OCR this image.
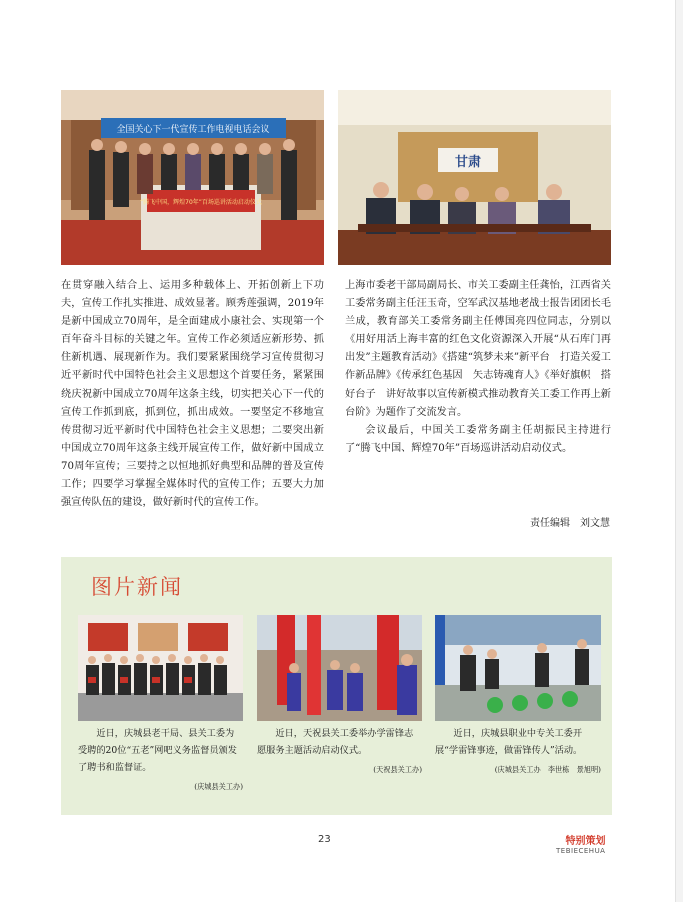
全国关心下一代宣传工作电视电话会议
“腾飞中国，辉煌70年”百场巡讲活动启动仪式
甘肃

在贯穿融入结合上、运用多种载体上、开拓创新上下功夫，宣传工作扎实推进、成效显著。顾秀莲强调，2019年是新中国成立70周年，是全面建成小康社会、实现第一个百年奋斗目标的关键之年。宣传工作必须适应新形势、抓住新机遇、展现新作为。我们要紧紧围绕学习宣传贯彻习近平新时代中国特色社会主义思想这个首要任务，紧紧围绕庆祝新中国成立70周年这条主线，切实把关心下一代的宣传工作抓到底，抓到位，抓出成效。一要坚定不移地宣传贯彻习近平新时代中国特色社会主义思想；二要突出新中国成立70周年这条主线开展宣传工作，做好新中国成立70周年宣传；三要持之以恒地抓好典型和品牌的普及宣传工作；四要学习掌握全媒体时代的宣传工作；五要大力加强宣传队伍的建设，做好新时代的宣传工作。

上海市委老干部局副局长、市关工委副主任龚怡，江西省关工委常务副主任汪玉奇，空军武汉基地老战士报告团团长毛兰成，教育部关工委常务副主任傅国亮四位同志，分别以《用好用活上海丰富的红色文化资源深入开展“从石库门再出发”主题教育活动》《搭建“筑梦未来”新平台　打造关爱工作新品牌》《传承红色基因　矢志铸魂育人》《举好旗帜　搭好台子　讲好故事以宣传新模式推动教育关工委工作再上新台阶》为题作了交流发言。

会议最后，中国关工委常务副主任胡振民主持进行了“腾飞中国、辉煌70年”百场巡讲活动启动仪式。

责任编辑　刘文慧
图片新闻
近日，庆城县老干局、县关工委为受聘的20位“五老”网吧义务监督员颁发了聘书和监督证。
(庆城县关工办)
近日，天祝县关工委举办学雷锋志愿服务主题活动启动仪式。
(天祝县关工办)
近日，庆城县职业中专关工委开展“学雷锋事迹，做雷锋传人”活动。
(庆城县关工办　李世栋　景旭明)
23	特别策划
TEBIECEHUA
